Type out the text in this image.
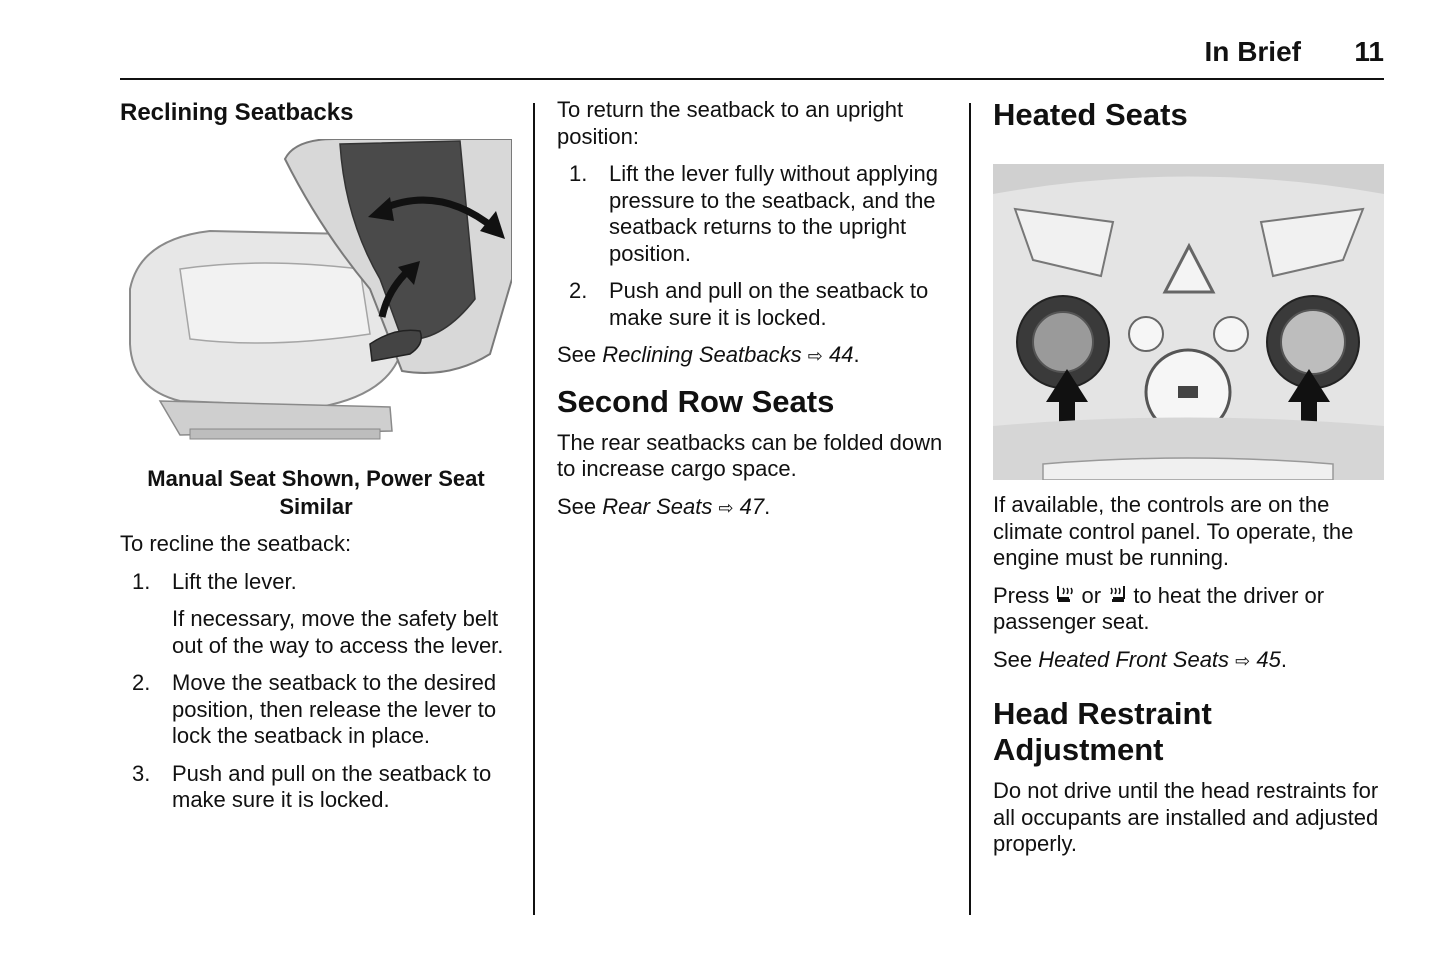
In Brief 11
Reclining Seatbacks
Manual Seat Shown, Power Seat Similar

To recline the seatback:

1. Lift the lever.

If necessary, move the safety belt out of the way to access the lever.

2. Move the seatback to the desired position, then release the lever to lock the seatback in place.
3. Push and pull on the seatback to make sure it is locked.

To return the seatback to an upright position:

1. Lift the lever fully without applying pressure to the seatback, and the seatback returns to the upright position.
2. Push and pull on the seatback to make sure it is locked.

See Reclining Seatbacks ⇨ 44.

Second Row Seats

The rear seatbacks can be folded down to increase cargo space.

See Rear Seats ⇨ 47.

Heated Seats

If available, the controls are on the climate control panel. To operate, the engine must be running.

Press or to heat the driver or passenger seat.

See Heated Front Seats ⇨ 45.

Head Restraint Adjustment

Do not drive until the head restraints for all occupants are installed and adjusted properly.
